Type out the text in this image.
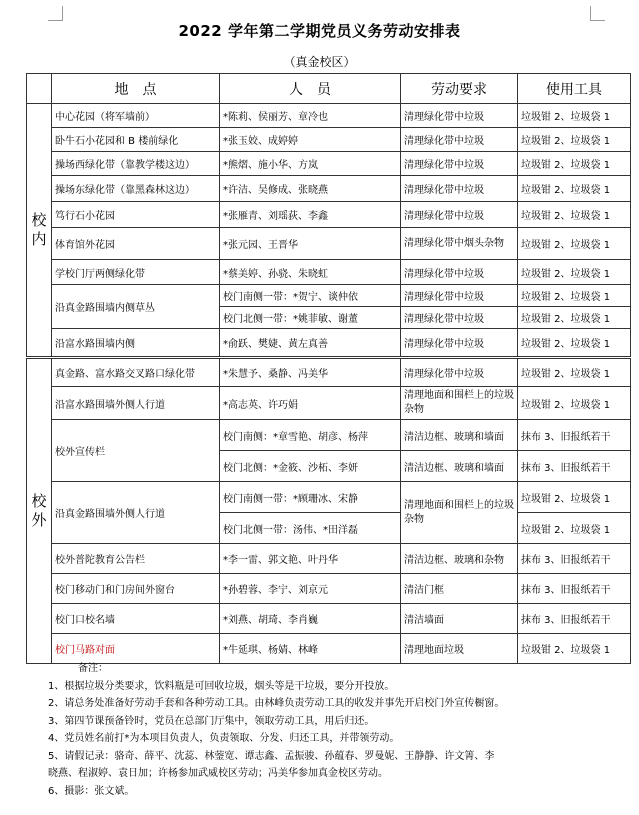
2022 学年第二学期党员义务劳动安排表
（真金校区）
	地　点	人　员	劳动要求	使用工具
校内	中心花园（将军墙前）	*陈莉、侯丽芳、章冷也	清理绿化带中垃圾	垃圾钳 2、垃圾袋 1
	卧牛石小花园和 B 楼前绿化	*张玉姣、成婷婷	清理绿化带中垃圾	垃圾钳 2、垃圾袋 1
	操场西绿化带（靠教学楼这边）	*熊熠、施小华、方岚	清理绿化带中垃圾	垃圾钳 2、垃圾袋 1
	操场东绿化带（靠黑森林这边）	*许洁、吴修成、张晓燕	清理绿化带中垃圾	垃圾钳 2、垃圾袋 1
	笃行石小花园	*张雁青、刘瑶荻、李鑫	清理绿化带中垃圾	垃圾钳 2、垃圾袋 1
	体育馆外花园	*张元园、王晋华	清理绿化带中烟头杂物	垃圾钳 2、垃圾袋 1
	学校门厅两侧绿化带	*蔡美婷、孙骁、朱晓虹	清理绿化带中垃圾	垃圾钳 2、垃圾袋 1
	沿真金路围墙内侧草丛	校门南侧一带：*贺宁、谈仲依	清理绿化带中垃圾	垃圾钳 2、垃圾袋 1
		校门北侧一带：*姚菲敏、谢董	清理绿化带中垃圾	垃圾钳 2、垃圾袋 1
	沿富水路围墙内侧	*俞跃、樊婕、黄左真善	清理绿化带中垃圾	垃圾钳 2、垃圾袋 1
校外	真金路、富水路交叉路口绿化带	*朱慧予、桑静、冯美华	清理绿化带中垃圾	垃圾钳 2、垃圾袋 1
	沿富水路围墙外侧人行道	*高志英、许巧娟	清理地面和围栏上的垃圾杂物	垃圾钳 2、垃圾袋 1
	校外宣传栏	校门南侧：*章雪艳、胡彦、杨萍	清洁边框、玻璃和墙面	抹布 3、旧报纸若干
		校门北侧：*金筱、沙柘、李妍	清洁边框、玻璃和墙面	抹布 3、旧报纸若干
	沿真金路围墙外侧人行道	校门南侧一带：*顾珊冰、宋静	清理地面和围栏上的垃圾杂物	垃圾钳 2、垃圾袋 1
		校门北侧一带：汤伟、*田洋磊		垃圾钳 2、垃圾袋 1
	校外普陀教育公告栏	*李一雷、郭文艳、叶丹华	清洁边框、玻璃和杂物	抹布 3、旧报纸若干
	校门移动门和门房间外窗台	*孙碧蓉、李宁、刘京元	清洁门框	抹布 3、旧报纸若干
	校门口校名墙	*刘燕、胡琦、李肖巍	清洁墙面	抹布 3、旧报纸若干
	校门马路对面	*牛延琪、杨婧、林峰	清理地面垃圾	垃圾钳 2、垃圾袋 1
备注：
1、根据垃圾分类要求，饮料瓶是可回收垃圾，烟头等是干垃圾，要分开投放。
2、请总务处准备好劳动手套和各种劳动工具。由林峰负责劳动工具的收发并事先开启校门外宣传橱窗。
3、第四节课预备铃时，党员在总部门厅集中，领取劳动工具，用后归还。
4、党员姓名前打*为本项目负责人，负责领取、分发、归还工具，并带领劳动。
5、请假记录：骆奇、薛平、沈蕊、林蓥宽、谭志鑫、孟振骏、孙蕴春、罗曼妮、王静静、许文箐、李
晓燕、程淑婷、袁日加；许杨参加武威校区劳动；冯美华参加真金校区劳动。
6、摄影：张文斌。
